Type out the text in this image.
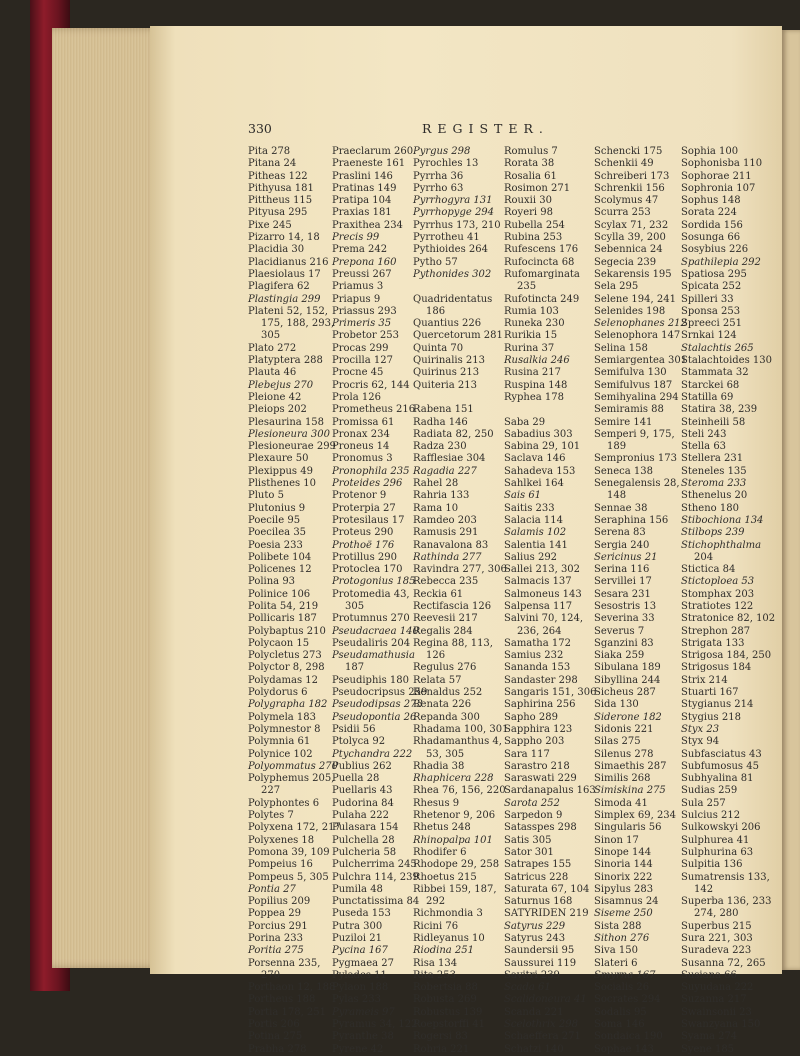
330	REGISTER.
Pita 278
Pitana 24
Pitheas 122
Pithyusa 181
Pittheus 115
Pityusa 295
Pixe 245
Pizarro 14, 18
Placidia 30
Placidianus 216
Plaesiolaus 17
Plagifera 62
Plastingia 299
Plateni 52, 152,
175, 188, 293,
305
Plato 272
Platyptera 288
Plauta 46
Plebejus 270
Pleione 42
Pleiops 202
Plesaurina 158
Plesioneura 300
Plesioneurae 299
Plexaure 50
Plexippus 49
Plisthenes 10
Pluto 5
Plutonius 9
Poecile 95
Poecilea 35
Poesia 233
Polibete 104
Policenes 12
Polina 93
Polinice 106
Polita 54, 219
Pollicaris 187
Polybaptus 210
Polycaon 15
Polycletus 273
Polyctor 8, 298
Polydamas 12
Polydorus 6
Polygrapha 182
Polymela 183
Polymnestor 8
Polymnia 61
Polynice 102
Polyommatus 270
Polyphemus 205,
227
Polyphontes 6
Polytes 7
Polyxena 172, 217
Polyxenes 18
Pomona 39, 109
Pompeius 16
Pompeus 5, 305
Pontia 27
Popilius 209
Poppea 29
Porcius 291
Porina 233
Poritia 275
Porsenna 235,
270
Porthaon 12, 188
Portheus 188
Portia 178, 251
Portis 206
Potina 275
Prabha 278
Praeclarum 260
Praeneste 161
Praslini 146
Pratinas 149
Pratipa 104
Praxias 181
Praxithea 234
Precis 99
Prema 242
Prepona 160
Preussi 267
Priamus 3
Priapus 9
Priassus 293
Primeris 35
Probetor 253
Procas 299
Procilla 127
Procne 45
Procris 62, 144
Prola 126
Prometheus 216
Promissa 61
Pronax 234
Proneus 14
Pronomus 3
Pronophila 235
Proteides 296
Protenor 9
Proterpia 27
Protesilaus 17
Proteus 290
Prothoë 176
Protillus 290
Protoclea 170
Protogonius 185
Protomedia 43,
305
Protumnus 270
Pseudacraea 140
Pseudaliris 204
Pseudamathusia
187
Pseudiphis 180
Pseudocripsus 259
Pseudodipsas 273
Pseudopontia 26
Psidii 56
Ptolyca 92
Ptychandra 222
Publius 262
Puella 28
Puellaris 43
Pudorina 84
Pulaha 222
Pulasara 154
Pulchella 28
Pulcheria 58
Pulcherrima 245
Pulchra 114, 239
Pumila 48
Punctatissima 84
Puseda 153
Putra 300
Puziloi 21
Pycina 167
Pygmaea 27
Pylades 11
Pylaon 188
Pylas 233
Pyrameis 97
Pyramus 34, 122
Pyranthe 38
Pyrene 42
Pyrgus 298
Pyrochles 13
Pyrrha 36
Pyrrho 63
Pyrrhogyra 131
Pyrrhopyge 294
Pyrrhus 173, 210
Pyrrotheu 41
Pythioides 264
Pytho 57
Pythonides 302
Quadridentatus
186
Quantius 226
Quercetorum 281
Quinta 70
Quirinalis 213
Quirinus 213
Quiteria 213
Rabena 151
Radha 146
Radiata 82, 250
Radza 230
Rafflesiae 304
Ragadia 227
Rahel 28
Rahria 133
Rama 10
Ramdeo 203
Ramusis 291
Ranavalona 83
Rathinda 277
Ravindra 277, 306
Rebecca 235
Reckia 61
Rectifascia 126
Reevesii 217
Regalis 284
Regina 88, 113,
126
Regulus 276
Relata 57
Renaldus 252
Renata 226
Repanda 300
Rhadama 100, 301
Rhadamanthus 4,
53, 305
Rhadia 38
Rhaphicera 228
Rhea 76, 156, 220
Rhesus 9
Rhetenor 9, 206
Rhetus 248
Rhinopalpa 101
Rhodifer 6
Rhodope 29, 258
Rhoetus 215
Ribbei 159, 187,
292
Richmondia 3
Ricini 76
Ridleyanus 10
Riodina 251
Risa 134
Rita 253
Robertsia 88
Robusta 269
Robustus 139
Roepstorffi 41
Rogersi 83
Rohria 221
Romulus 7
Rorata 38
Rosalia 61
Rosimon 271
Rouxii 30
Royeri 98
Rubella 254
Rubina 253
Rufescens 176
Rufocincta 68
Rufomarginata
235
Rufotincta 249
Rumia 103
Runeka 230
Rurikia 15
Rurina 37
Rusalkia 246
Rusina 217
Ruspina 148
Ryphea 178
Saba 29
Sabadius 303
Sabina 29, 101
Saclava 146
Sahadeva 153
Sahlkei 164
Sais 61
Saitis 233
Salacia 114
Salamis 102
Salentia 141
Salius 292
Sallei 213, 302
Salmacis 137
Salmoneus 143
Salpensa 117
Salvini 70, 124,
236, 264
Samatha 172
Samius 232
Sananda 153
Sandaster 298
Sangaris 151, 306
Saphirina 256
Sapho 289
Sapphira 123
Sappho 203
Sara 117
Sarastro 218
Saraswati 229
Sardanapalus 163
Sarota 252
Sarpedon 9
Satasspes 298
Satis 305
Sator 301
Satrapes 155
Satricus 228
Saturata 67, 104
Saturnus 168
SATYRIDEN 219
Satyrus 229
Satyrus 243
Saundersii 95
Saussurei 119
Savitri 239
Scada 61
Scalidoneura 41
Scanda 221
Scelothrix 298
Schaeffera 271
Schatzi 140
Schencki 175
Schenkii 49
Schreiberi 173
Schrenkii 156
Scolymus 47
Scurra 253
Scylax 71, 232
Scylla 39, 200
Sebennica 24
Segecia 239
Sekarensis 195
Sela 295
Selene 194, 241
Selenides 198
Selenophanes 212
Selenophora 147
Selina 158
Semiargentea 301
Semifulva 130
Semifulvus 187
Semihyalina 294
Semiramis 88
Semire 141
Semperi 9, 175,
189
Sempronius 173
Seneca 138
Senegalensis 28,
148
Sennae 38
Seraphina 156
Serena 83
Sergia 240
Sericinus 21
Serina 116
Servillei 17
Sesara 231
Sesostris 13
Severina 33
Severus 7
Sganzini 83
Siaka 259
Sibulana 189
Sibyllina 244
Sicheus 287
Sida 130
Siderone 182
Sidonis 221
Silas 275
Silenus 278
Simaethis 287
Similis 268
Simiskina 275
Simoda 41
Simplex 69, 234
Singularis 56
Sinon 17
Sinope 144
Sinoria 144
Sinorix 222
Sipylus 283
Sisamnus 24
Siseme 250
Sista 288
Sithon 276
Siva 150
Slateri 6
Smyrna 167
Socialis 26
Socrates 294
Sodalis 95
Soma 146
Sondaica 190
Sophae 143
Sophia 100
Sophonisba 110
Sophorae 211
Sophronia 107
Sophus 148
Sorata 224
Sordida 156
Sosunga 66
Sosybius 226
Spathilepia 292
Spatiosa 295
Spicata 252
Spilleri 33
Sponsa 253
Spreeci 251
Srnkai 124
Stalachtis 265
Stalachtoides 130
Stammata 32
Starckei 68
Statilla 69
Statira 38, 239
Steinheili 58
Steli 243
Stella 63
Stellera 231
Steneles 135
Steroma 233
Sthenelus 20
Stheno 180
Stibochiona 134
Stilbops 239
Stichophthalma
204
Stictica 84
Stictoploea 53
Stomphax 203
Stratiotes 122
Stratonice 82, 102
Strephon 287
Strigata 133
Strigosa 184, 250
Strigosus 184
Strix 214
Stuarti 167
Stygianus 214
Stygius 218
Styx 23
Styx 94
Subfasciatus 43
Subfumosus 45
Subhyalina 81
Sudias 259
Sula 257
Sulcius 212
Sulkowskyi 206
Sulphurea 41
Sulphurina 63
Sulpitia 136
Sumatrensis 133,
142
Superba 136, 233
274, 280
Superbus 215
Sura 221, 303
Suradeva 223
Susanna 72, 265
Susiana 66
Suyudana 222
Suzanna 217
Swainsonii 23
Swanzyana 150
Syama 274
Syene 185
